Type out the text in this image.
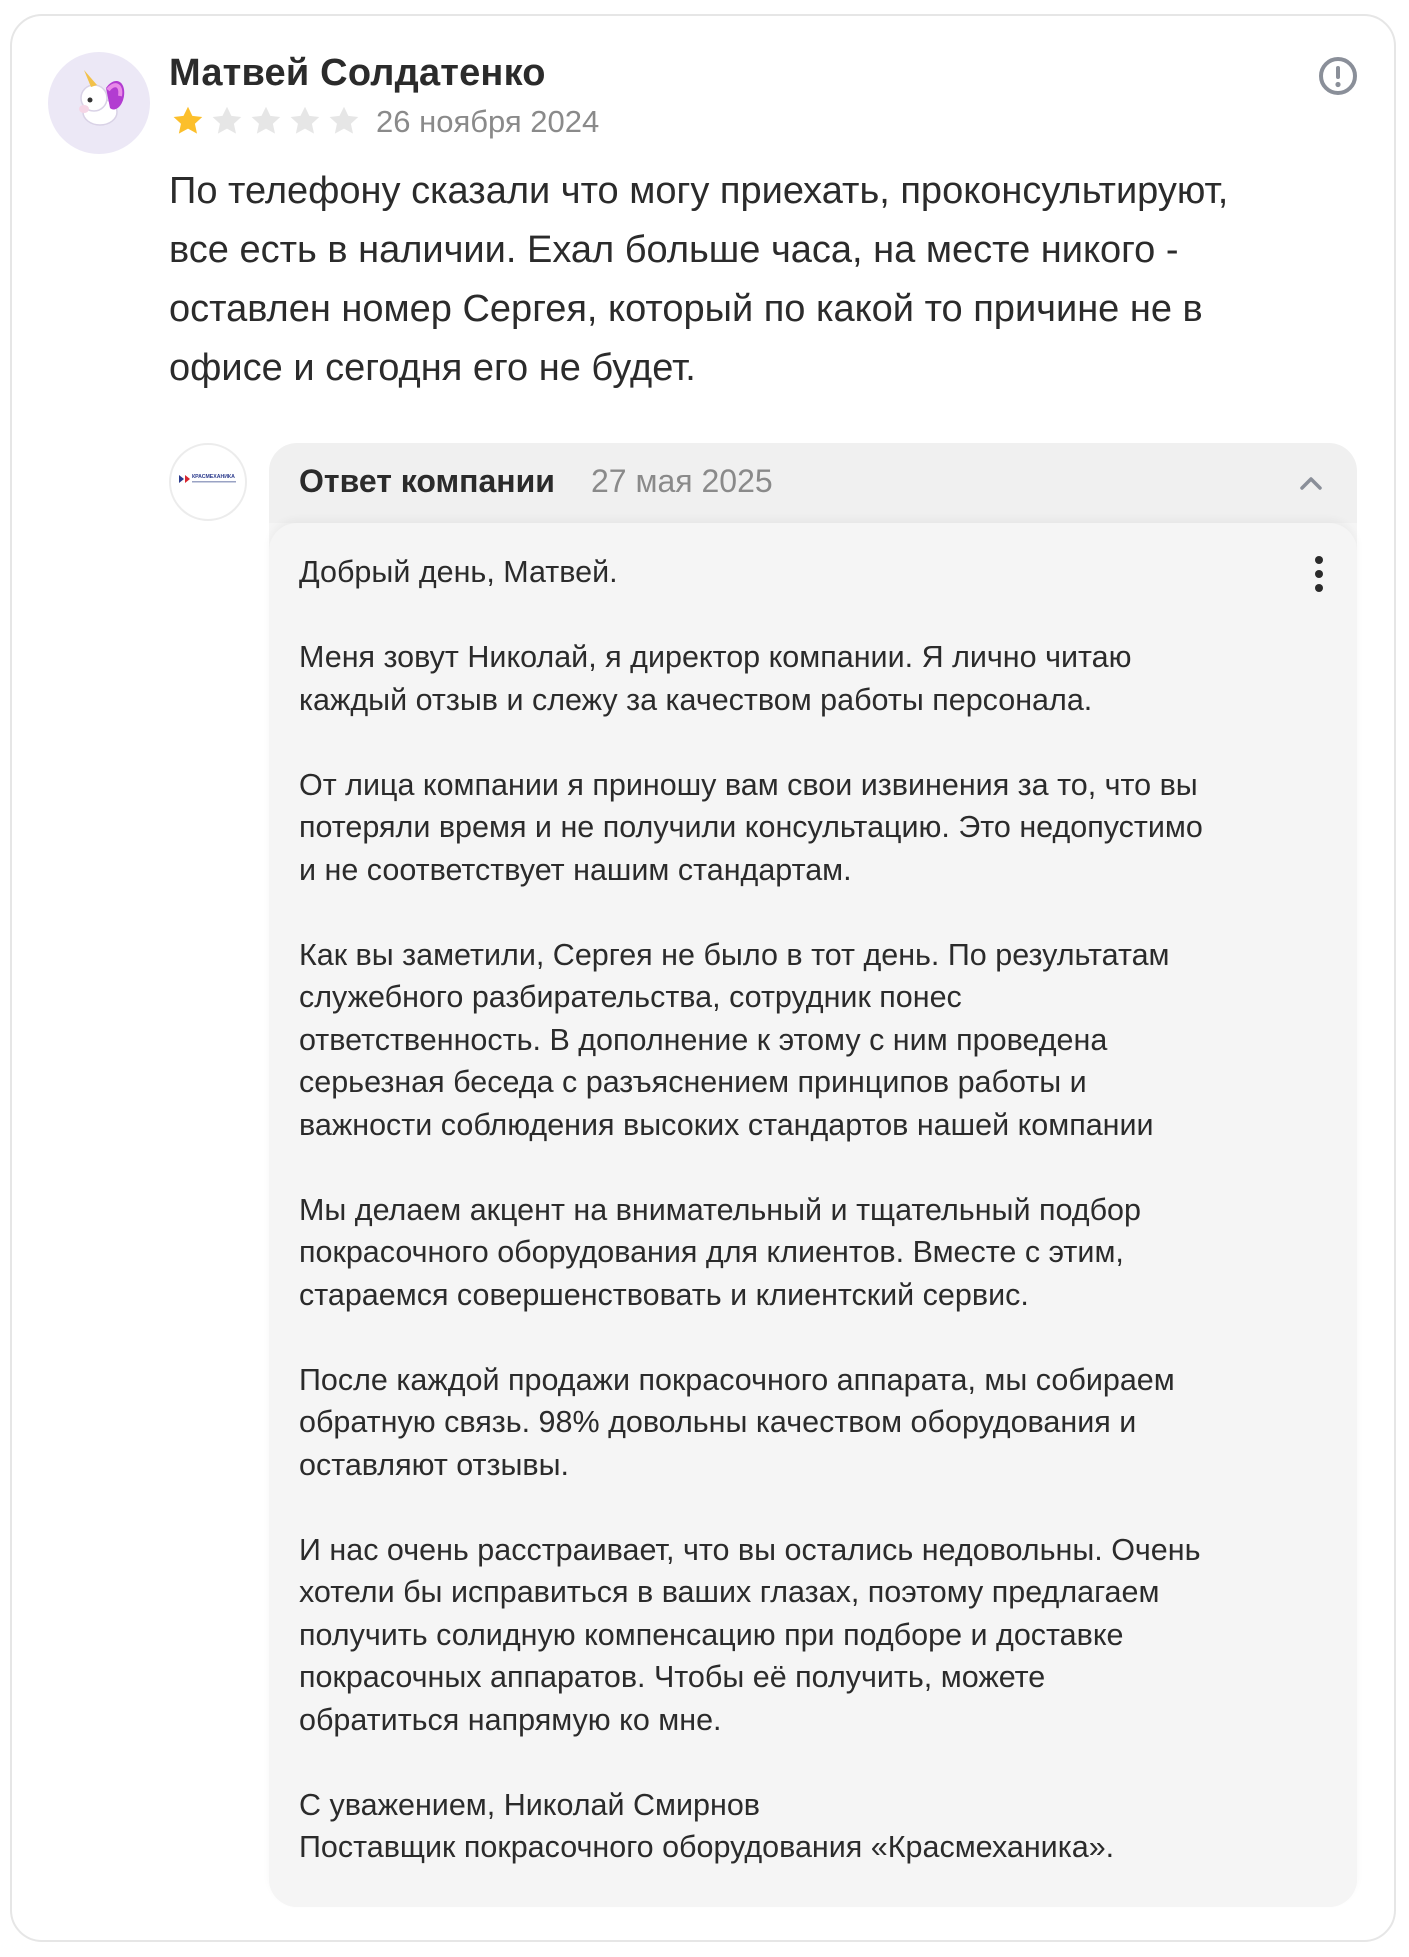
Матвей Солдатенко
26 ноября 2024
По телефону сказали что могу приехать, проконсультируют,
все есть в наличии. Ехал больше часа, на месте никого -
оставлен номер Сергея, который по какой то причине не в
офисе и сегодня его не будет.
КРАСМЕХАНИКА Ответ компании 27 мая 2025
Добрый день, Матвей.

Меня зовут Николай, я директор компании. Я лично читаю
каждый отзыв и слежу за качеством работы персонала.

От лица компании я приношу вам свои извинения за то, что вы
потеряли время и не получили консультацию. Это недопустимо
и не соответствует нашим стандартам.

Как вы заметили, Сергея не было в тот день. По результатам
служебного разбирательства, сотрудник понес
ответственность. В дополнение к этому с ним проведена
серьезная беседа с разъяснением принципов работы и
важности соблюдения высоких стандартов нашей компании

Мы делаем акцент на внимательный и тщательный подбор
покрасочного оборудования для клиентов. Вместе с этим,
стараемся совершенствовать и клиентский сервис.

После каждой продажи покрасочного аппарата, мы собираем
обратную связь. 98% довольны качеством оборудования и
оставляют отзывы.

И нас очень расстраивает, что вы остались недовольны. Очень
хотели бы исправиться в ваших глазах, поэтому предлагаем
получить солидную компенсацию при подборе и доставке
покрасочных аппаратов. Чтобы её получить, можете
обратиться напрямую ко мне.

С уважением, Николай Смирнов
Поставщик покрасочного оборудования «Красмеханика».
